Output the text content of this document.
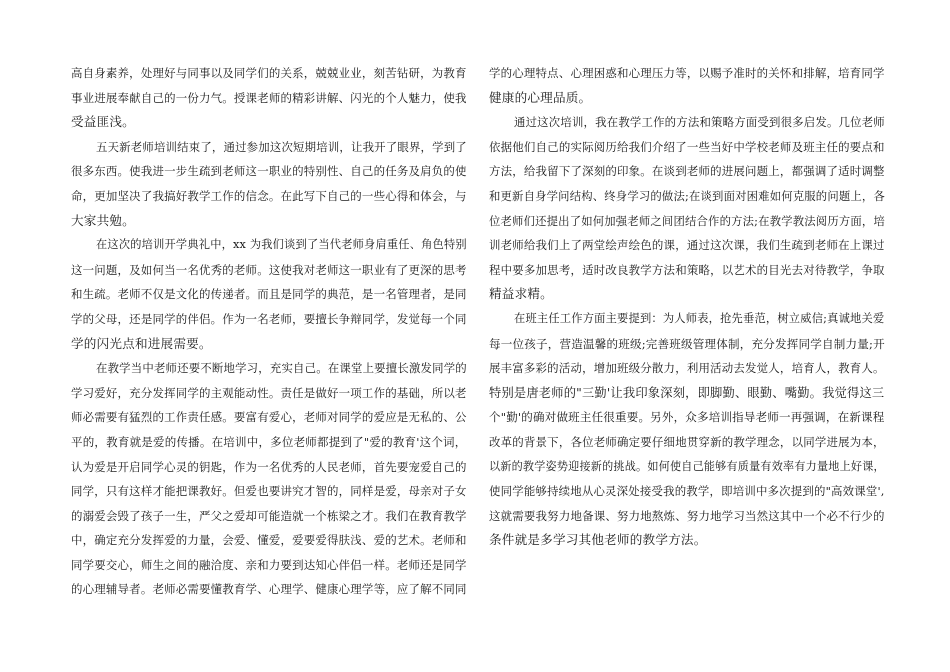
高自身素养，处理好与同事以及同学们的关系，兢兢业业，刻苦钻研，为教育
事业进展奉献自己的一份力气。授课老师的精彩讲解、闪光的个人魅力，使我
受益匪浅。
五天新老师培训结束了，通过参加这次短期培训，让我开了眼界，学到了
很多东西。使我进一步生疏到老师这一职业的特别性、自己的任务及肩负的使
命，更加坚决了我搞好教学工作的信念。在此写下自己的一些心得和体会，与
大家共勉。
在这次的培训开学典礼中，xx 为我们谈到了当代老师身肩重任、角色特别
这一问题，及如何当一名优秀的老师。这使我对老师这一职业有了更深的思考
和生疏。老师不仅是文化的传递者。而且是同学的典范，是一名管理者，是同
学的父母，还是同学的伴侣。作为一名老师，要擅长争辩同学，发觉每一个同
学的闪光点和进展需要。
在教学当中老师还要不断地学习，充实自己。在课堂上要擅长激发同学的
学习爱好，充分发挥同学的主观能动性。责任是做好一项工作的基础，所以老
师必需要有猛烈的工作责任感。要富有爱心，老师对同学的爱应是无私的、公
平的，教育就是爱的传播。在培训中，多位老师都提到了"爱的教育'这个词，
认为爱是开启同学心灵的钥匙，作为一名优秀的人民老师，首先要宠爱自己的
同学，只有这样才能把课教好。但爱也要讲究才智的，同样是爱，母亲对子女
的溺爱会毁了孩子一生，严父之爱却可能造就一个栋梁之才。我们在教育教学
中，确定充分发挥爱的力量，会爱、懂爱，爱要爱得肤浅、爱的艺术。老师和
同学要交心，师生之间的融洽度、亲和力要到达知心伴侣一样。老师还是同学
的心理辅导者。老师必需要懂教育学、心理学、健康心理学等，应了解不同同
学的心理特点、心理困惑和心理压力等，以赐予准时的关怀和排解，培育同学
健康的心理品质。
通过这次培训，我在教学工作的方法和策略方面受到很多启发。几位老师
依据他们自己的实际阅历给我们介绍了一些当好中学校老师及班主任的要点和
方法，给我留下了深刻的印象。在谈到老师的进展问题上，都强调了适时调整
和更新自身学问结构、终身学习的做法;在谈到面对困难如何克服的问题上，各
位老师们还提出了如何加强老师之间团结合作的方法;在教学教法阅历方面，培
训老师给我们上了两堂绘声绘色的课，通过这次课，我们生疏到老师在上课过
程中要多加思考，适时改良教学方法和策略，以艺术的目光去对待教学，争取
精益求精。
在班主任工作方面主要提到：为人师表，抢先垂范，树立威信;真诚地关爱
每一位孩子，营造温馨的班级;完善班级管理体制，充分发挥同学自制力量;开
展丰富多彩的活动，增加班级分散力，利用活动去发觉人，培育人，教育人。
特别是唐老师的"三勤'让我印象深刻，即脚勤、眼勤、嘴勤。我觉得这三
个"勤'的确对做班主任很重要。另外，众多培训指导老师一再强调，在新课程
改革的背景下，各位老师确定要仔细地贯穿新的教学理念，以同学进展为本，
以新的教学姿势迎接新的挑战。如何使自己能够有质量有效率有力量地上好课，
使同学能够持续地从心灵深处接受我的教学，即培训中多次提到的"高效课堂',
这就需要我努力地备课、努力地熬炼、努力地学习当然这其中一个必不行少的
条件就是多学习其他老师的教学方法。
